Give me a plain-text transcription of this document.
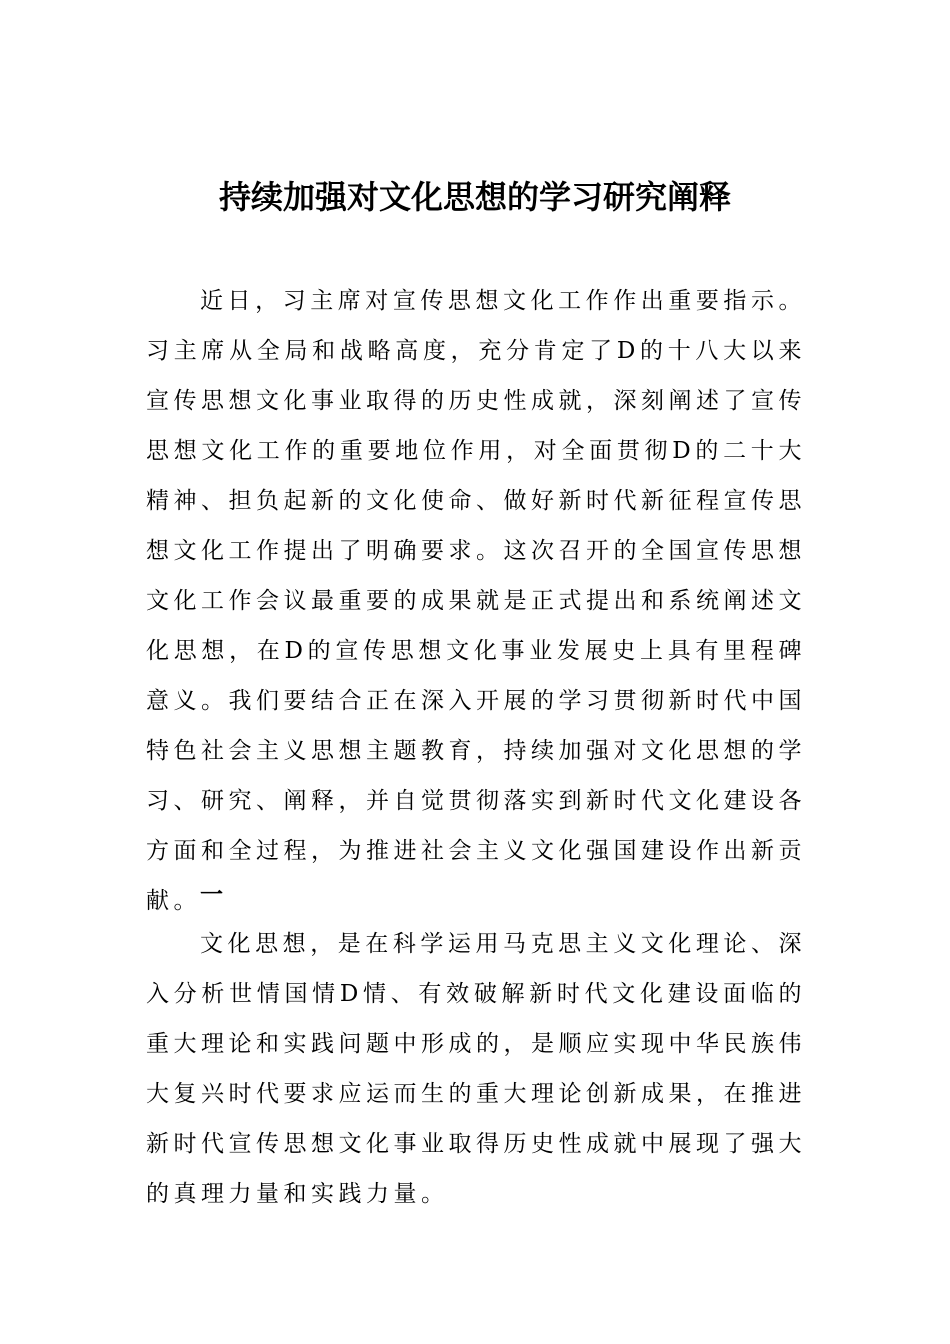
持续加强对文化思想的学习研究阐释

近日，习主席对宣传思想文化工作作出重要指示。习主席从全局和战略高度，充分肯定了D的十八大以来宣传思想文化事业取得的历史性成就，深刻阐述了宣传思想文化工作的重要地位作用，对全面贯彻D的二十大精神、担负起新的文化使命、做好新时代新征程宣传思想文化工作提出了明确要求。这次召开的全国宣传思想文化工作会议最重要的成果就是正式提出和系统阐述文化思想，在D的宣传思想文化事业发展史上具有里程碑意义。我们要结合正在深入开展的学习贯彻新时代中国特色社会主义思想主题教育，持续加强对文化思想的学习、研究、阐释，并自觉贯彻落实到新时代文化建设各方面和全过程，为推进社会主义文化强国建设作出新贡献。 一

文化思想，是在科学运用马克思主义文化理论、深入分析世情国情D情、有效破解新时代文化建设面临的重大理论和实践问题中形成的，是顺应实现中华民族伟大复兴时代要求应运而生的重大理论创新成果，在推进新时代宣传思想文化事业取得历史性成就中展现了强大的真理力量和实践力量。
